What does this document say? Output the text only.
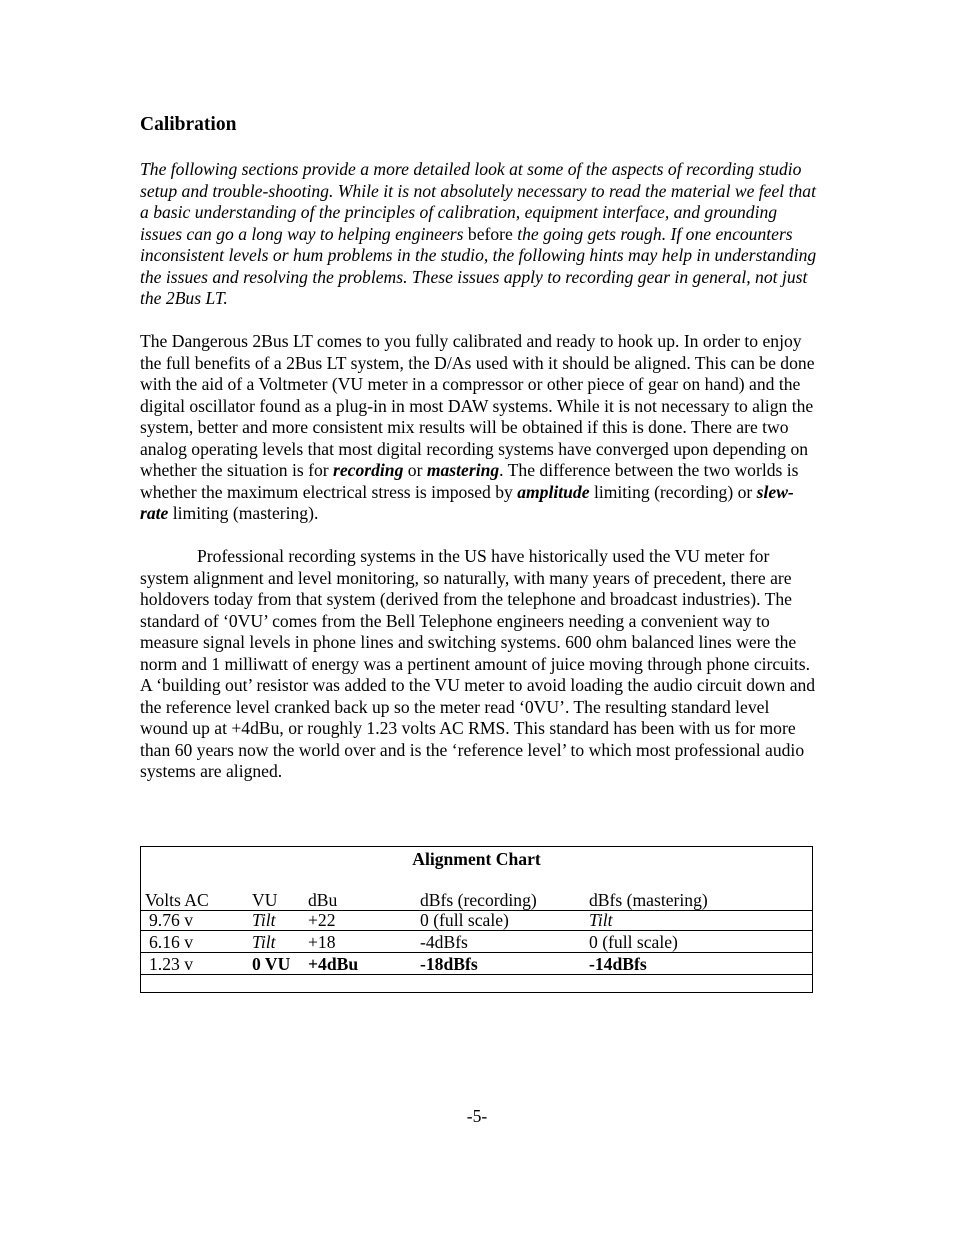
Calibration

The following sections provide a more detailed look at some of the aspects of recording studio setup and trouble-shooting. While it is not absolutely necessary to read the material we feel that a basic understanding of the principles of calibration, equipment interface, and grounding issues can go a long way to helping engineers before the going gets rough. If one encounters inconsistent levels or hum problems in the studio, the following hints may help in understanding the issues and resolving the problems. These issues apply to recording gear in general, not just the 2Bus LT.

The Dangerous 2Bus LT comes to you fully calibrated and ready to hook up. In order to enjoy the full benefits of a 2Bus LT system, the D/As used with it should be aligned. This can be done with the aid of a Voltmeter (VU meter in a compressor or other piece of gear on hand) and the digital oscillator found as a plug-in in most DAW systems. While it is not necessary to align the system, better and more consistent mix results will be obtained if this is done. There are two analog operating levels that most digital recording systems have converged upon depending on whether the situation is for recording or mastering. The difference between the two worlds is whether the maximum electrical stress is imposed by amplitude limiting (recording) or slew-rate limiting (mastering).

Professional recording systems in the US have historically used the VU meter for system alignment and level monitoring, so naturally, with many years of precedent, there are holdovers today from that system (derived from the telephone and broadcast industries). The standard of ‘0VU’ comes from the Bell Telephone engineers needing a convenient way to measure signal levels in phone lines and switching systems. 600 ohm balanced lines were the norm and 1 milliwatt of energy was a pertinent amount of juice moving through phone circuits. A ‘building out’ resistor was added to the VU meter to avoid loading the audio circuit down and the reference level cranked back up so the meter read ‘0VU’. The resulting standard level wound up at +4dBu, or roughly 1.23 volts AC RMS. This standard has been with us for more than 60 years now the world over and is the ‘reference level’ to which most professional audio systems are aligned.

Alignment Chart
Volts AC VU dBu	dBfs (recording)	dBfs (mastering)
9.76 v	Tilt +22	0 (full scale)	Tilt
6.16 v	Tilt +18	-4dBfs	0 (full scale)
1.23 v	0 VU +4dBu	-18dBfs	-14dBfs
-5-
